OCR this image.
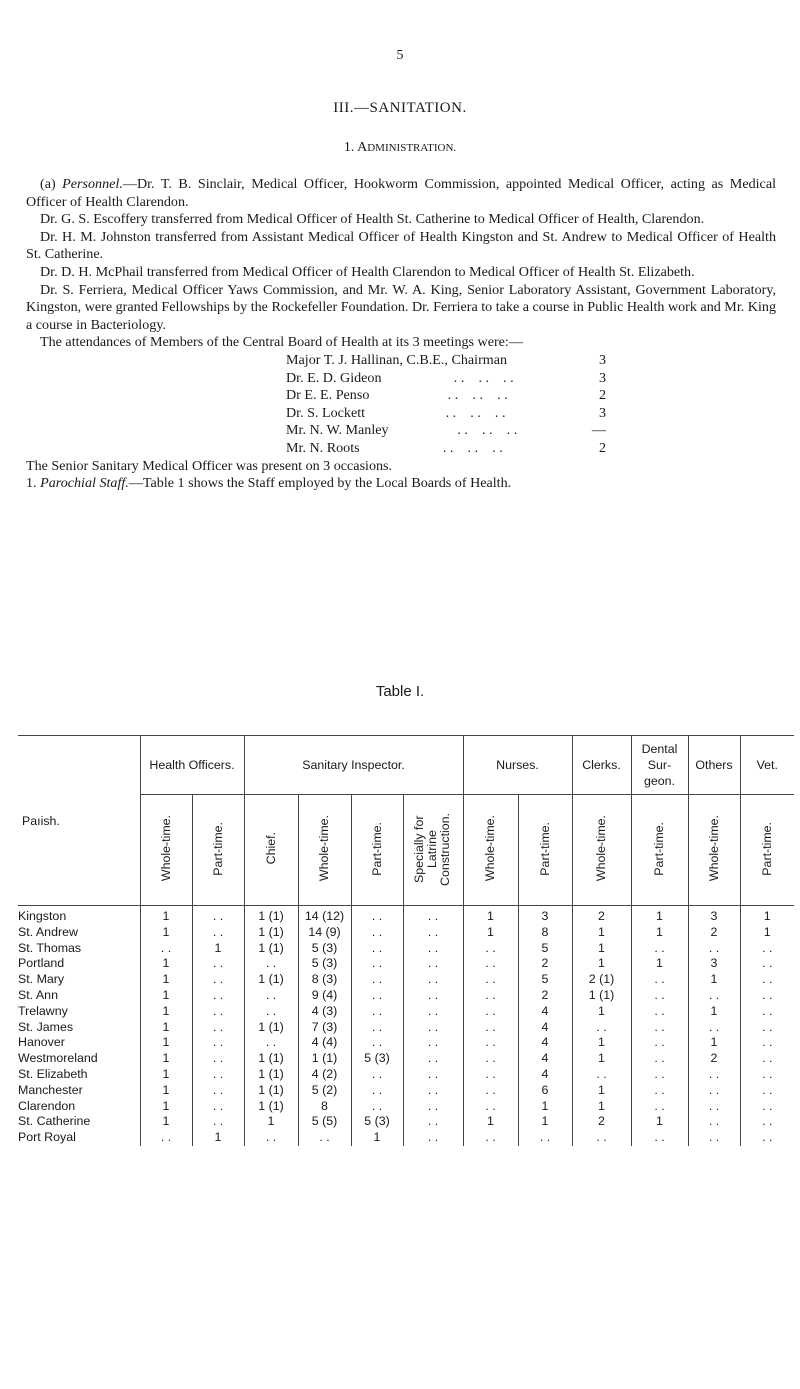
5
III.—SANITATION.
1. ADMINISTRATION.

(a) Personnel.—Dr. T. B. Sinclair, Medical Officer, Hookworm Commission, appointed Medical Officer, acting as Medical Officer of Health Clarendon.

Dr. G. S. Escoffery transferred from Medical Officer of Health St. Catherine to Medical Officer of Health, Clarendon.

Dr. H. M. Johnston transferred from Assistant Medical Officer of Health Kingston and St. Andrew to Medical Officer of Health St. Catherine.

Dr. D. H. McPhail transferred from Medical Officer of Health Clarendon to Medical Officer of Health St. Elizabeth.

Dr. S. Ferriera, Medical Officer Yaws Commission, and Mr. W. A. King, Senior Laboratory Assistant, Government Laboratory, Kingston, were granted Fellowships by the Rockefeller Foundation. Dr. Ferriera to take a course in Public Health work and Mr. King a course in Bacteriology.

The attendances of Members of the Central Board of Health at its 3 meetings were:—

Major T. J. Hallinan, C.B.E., Chairman	3
Dr. E. D. Gideon	. .    . .    . .	3
Dr E. E. Penso	. .    . .    . .	2
Dr. S. Lockett	. .    . .    . .	3
Mr. N. W. Manley	. .    . .    . .	—
Mr. N. Roots	. .    . .    . .	2

The Senior Sanitary Medical Officer was present on 3 occasions.

1. Parochial Staff.—Table 1 shows the Staff employed by the Local Boards of Health.

Table I.
Paıish.	Health Officers.		Sanitary Inspector.				Nurses.		Clerks.	Dental Sur- geon.	Others	Vet.
	Whole-time.	Part-time.	Chief.	Whole-time.	Part-time.	Specially for Latrine Construction.	Whole-time.	Part-time.	Whole-time.	Part-time.	Whole-time.	Part-time.
Kingston	1	. .	1 (1)	14 (12)	. .	. .	1	3	2	1	3	1
St. Andrew	1	. .	1 (1)	14 (9)	. .	. .	1	8	1	1	2	1
St. Thomas	. .	1	1 (1)	5 (3)	. .	. .	. .	5	1	. .	. .	. .
Portland	1	. .	. .	5 (3)	. .	. .	. .	2	1	1	3	. .
St. Mary	1	. .	1 (1)	8 (3)	. .	. .	. .	5	2 (1)	. .	1	. .
St. Ann	1	. .	. .	9 (4)	. .	. .	. .	2	1 (1)	. .	. .	. .
Trelawny	1	. .	. .	4 (3)	. .	. .	. .	4	1	. .	1	. .
St. James	1	. .	1 (1)	7 (3)	. .	. .	. .	4	. .	. .	. .	. .
Hanover	1	. .	. .	4 (4)	. .	. .	. .	4	1	. .	1	. .
Westmoreland	1	. .	1 (1)	1 (1)	5 (3)	. .	. .	4	1	. .	2	. .
St. Elizabeth	1	. .	1 (1)	4 (2)	. .	. .	. .	4	. .	. .	. .	. .
Manchester	1	. .	1 (1)	5 (2)	. .	. .	. .	6	1	. .	. .	. .
Clarendon	1	. .	1 (1)	8	. .	. .	. .	1	1	. .	. .	. .
St. Catherine	1	. .	1	5 (5)	5 (3)	. .	1	1	2	1	. .	. .
Port Royal	. .	1	. .	. .	1	. .	. .	. .	. .	. .	. .	. .
